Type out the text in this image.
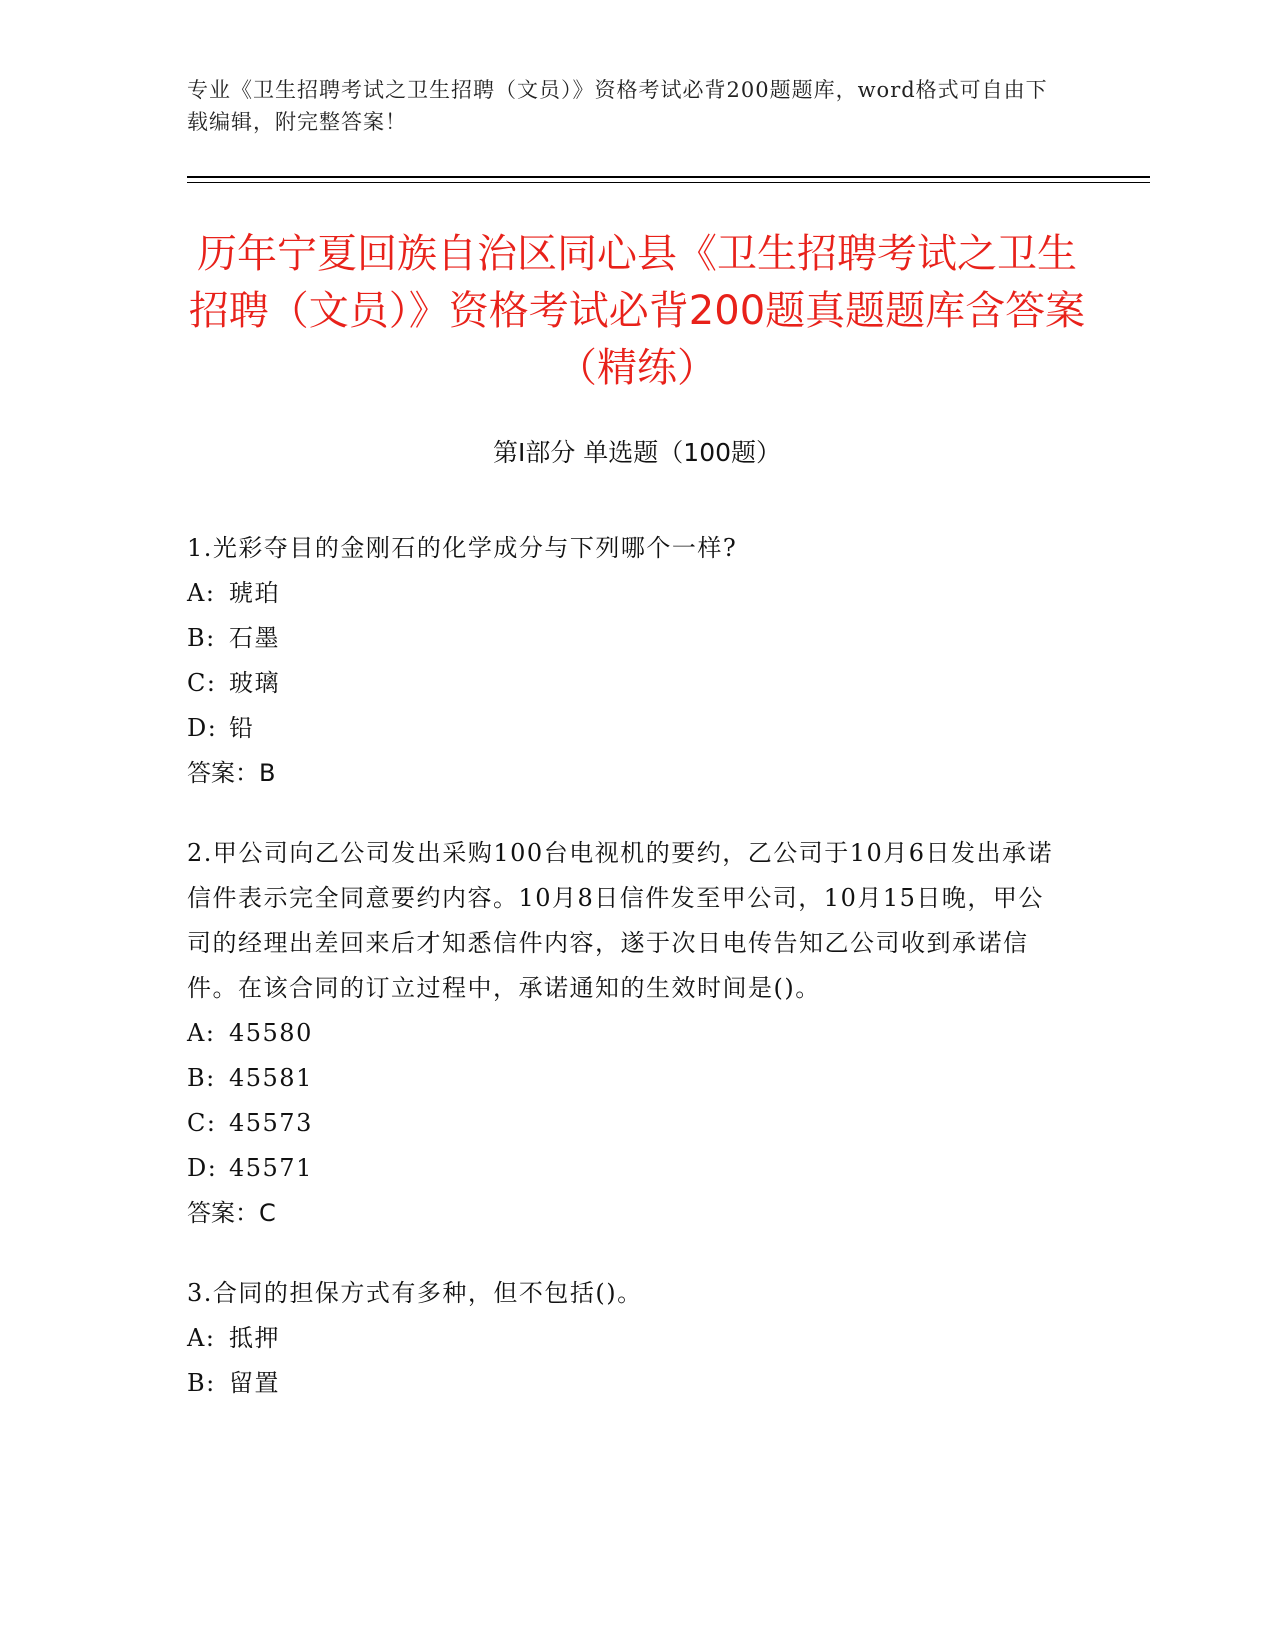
专业《卫生招聘考试之卫生招聘（文员）》资格考试必背200题题库，word格式可自由下载编辑，附完整答案！
历年宁夏回族自治区同心县《卫生招聘考试之卫生招聘（文员）》资格考试必背200题真题题库含答案（精练）
第I部分 单选题（100题）

1.光彩夺目的金刚石的化学成分与下列哪个一样?

A: 琥珀

B: 石墨

C: 玻璃

D: 铅

答案：B

2.甲公司向乙公司发出采购100台电视机的要约，乙公司于10月6日发出承诺信件表示完全同意要约内容。10月8日信件发至甲公司，10月15日晚，甲公司的经理出差回来后才知悉信件内容，遂于次日电传告知乙公司收到承诺信件。在该合同的订立过程中，承诺通知的生效时间是()。

A: 45580

B: 45581

C: 45573

D: 45571

答案：C

3.合同的担保方式有多种，但不包括()。

A: 抵押

B: 留置
